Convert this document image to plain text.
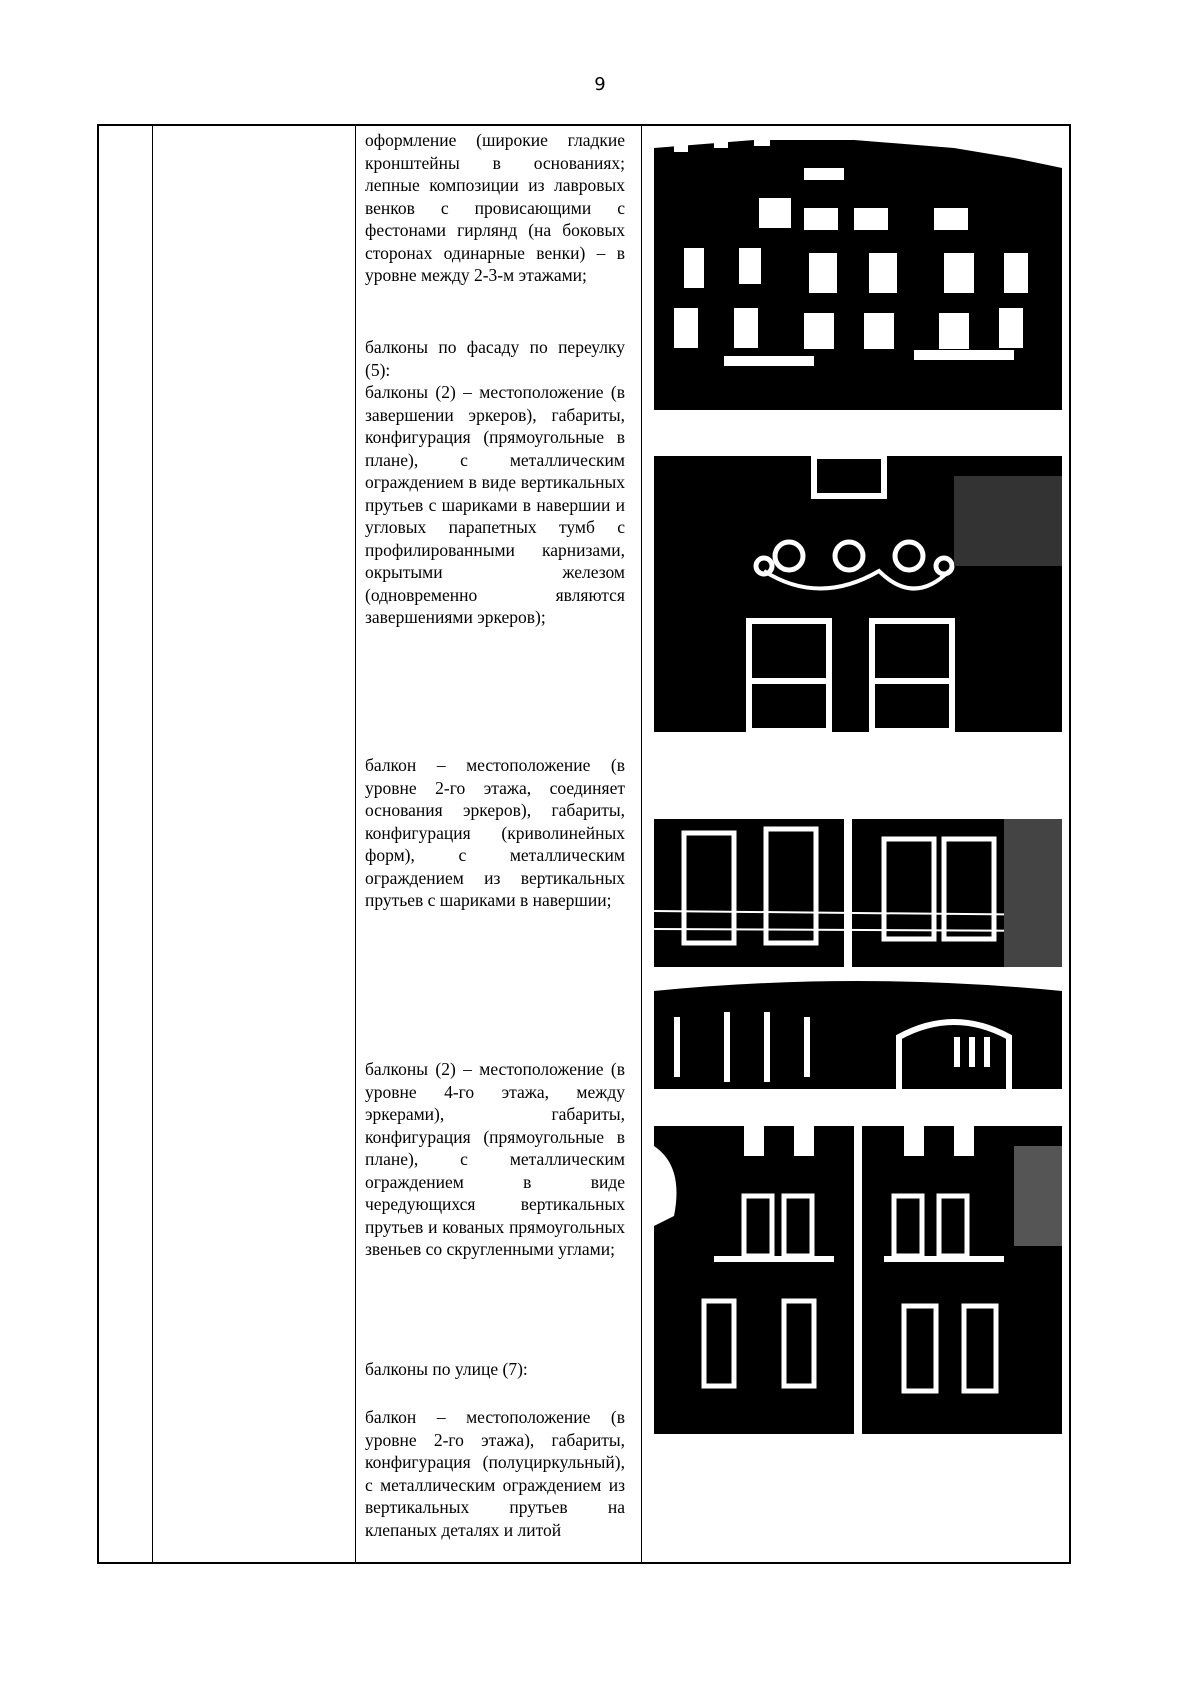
9
оформление (широкие гладкие кронштейны в основаниях; лепные композиции из лавровых венков с провисающими с фестонами гирлянд (на боковых сторонах одинарные венки) – в уровне между 2-3-м этажами;
балконы по фасаду по переулку (5):
балконы (2) – местоположение (в завершении эркеров), габариты, конфигурация (прямоугольные в плане), с металлическим ограждением в виде вертикальных прутьев с шариками в навершии и угловых парапетных тумб с профилированными карнизами, окрытыми железом (одновременно являются завершениями эркеров);
балкон – местоположение (в уровне 2-го этажа, соединяет основания эркеров), габариты, конфигурация (криволинейных форм), с металлическим ограждением из вертикальных прутьев с шариками в навершии;
балконы (2) – местоположение (в уровне 4-го этажа, между эркерами), габариты, конфигурация (прямоугольные в плане), с металлическим ограждением в виде чередующихся вертикальных прутьев и кованых прямоугольных звеньев со скругленными углами;
балконы по улице (7):
балкон – местоположение (в уровне 2-го этажа), габариты, конфигурация (полуциркульный), с металлическим ограждением из вертикальных прутьев на клепаных деталях и литой
